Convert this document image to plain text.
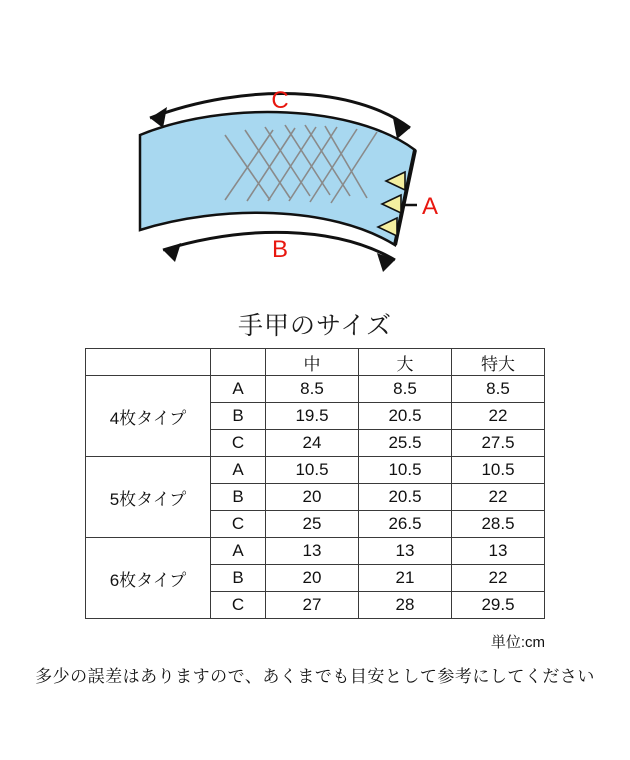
C
B
A
手甲のサイズ
		中	大	特大
4枚タイプ	A	8.5	8.5	8.5
	B	19.5	20.5	22
	C	24	25.5	27.5
5枚タイプ	A	10.5	10.5	10.5
	B	20	20.5	22
	C	25	26.5	28.5
6枚タイプ	A	13	13	13
	B	20	21	22
	C	27	28	29.5
単位:cm
多少の誤差はありますので、あくまでも目安として参考にしてください
